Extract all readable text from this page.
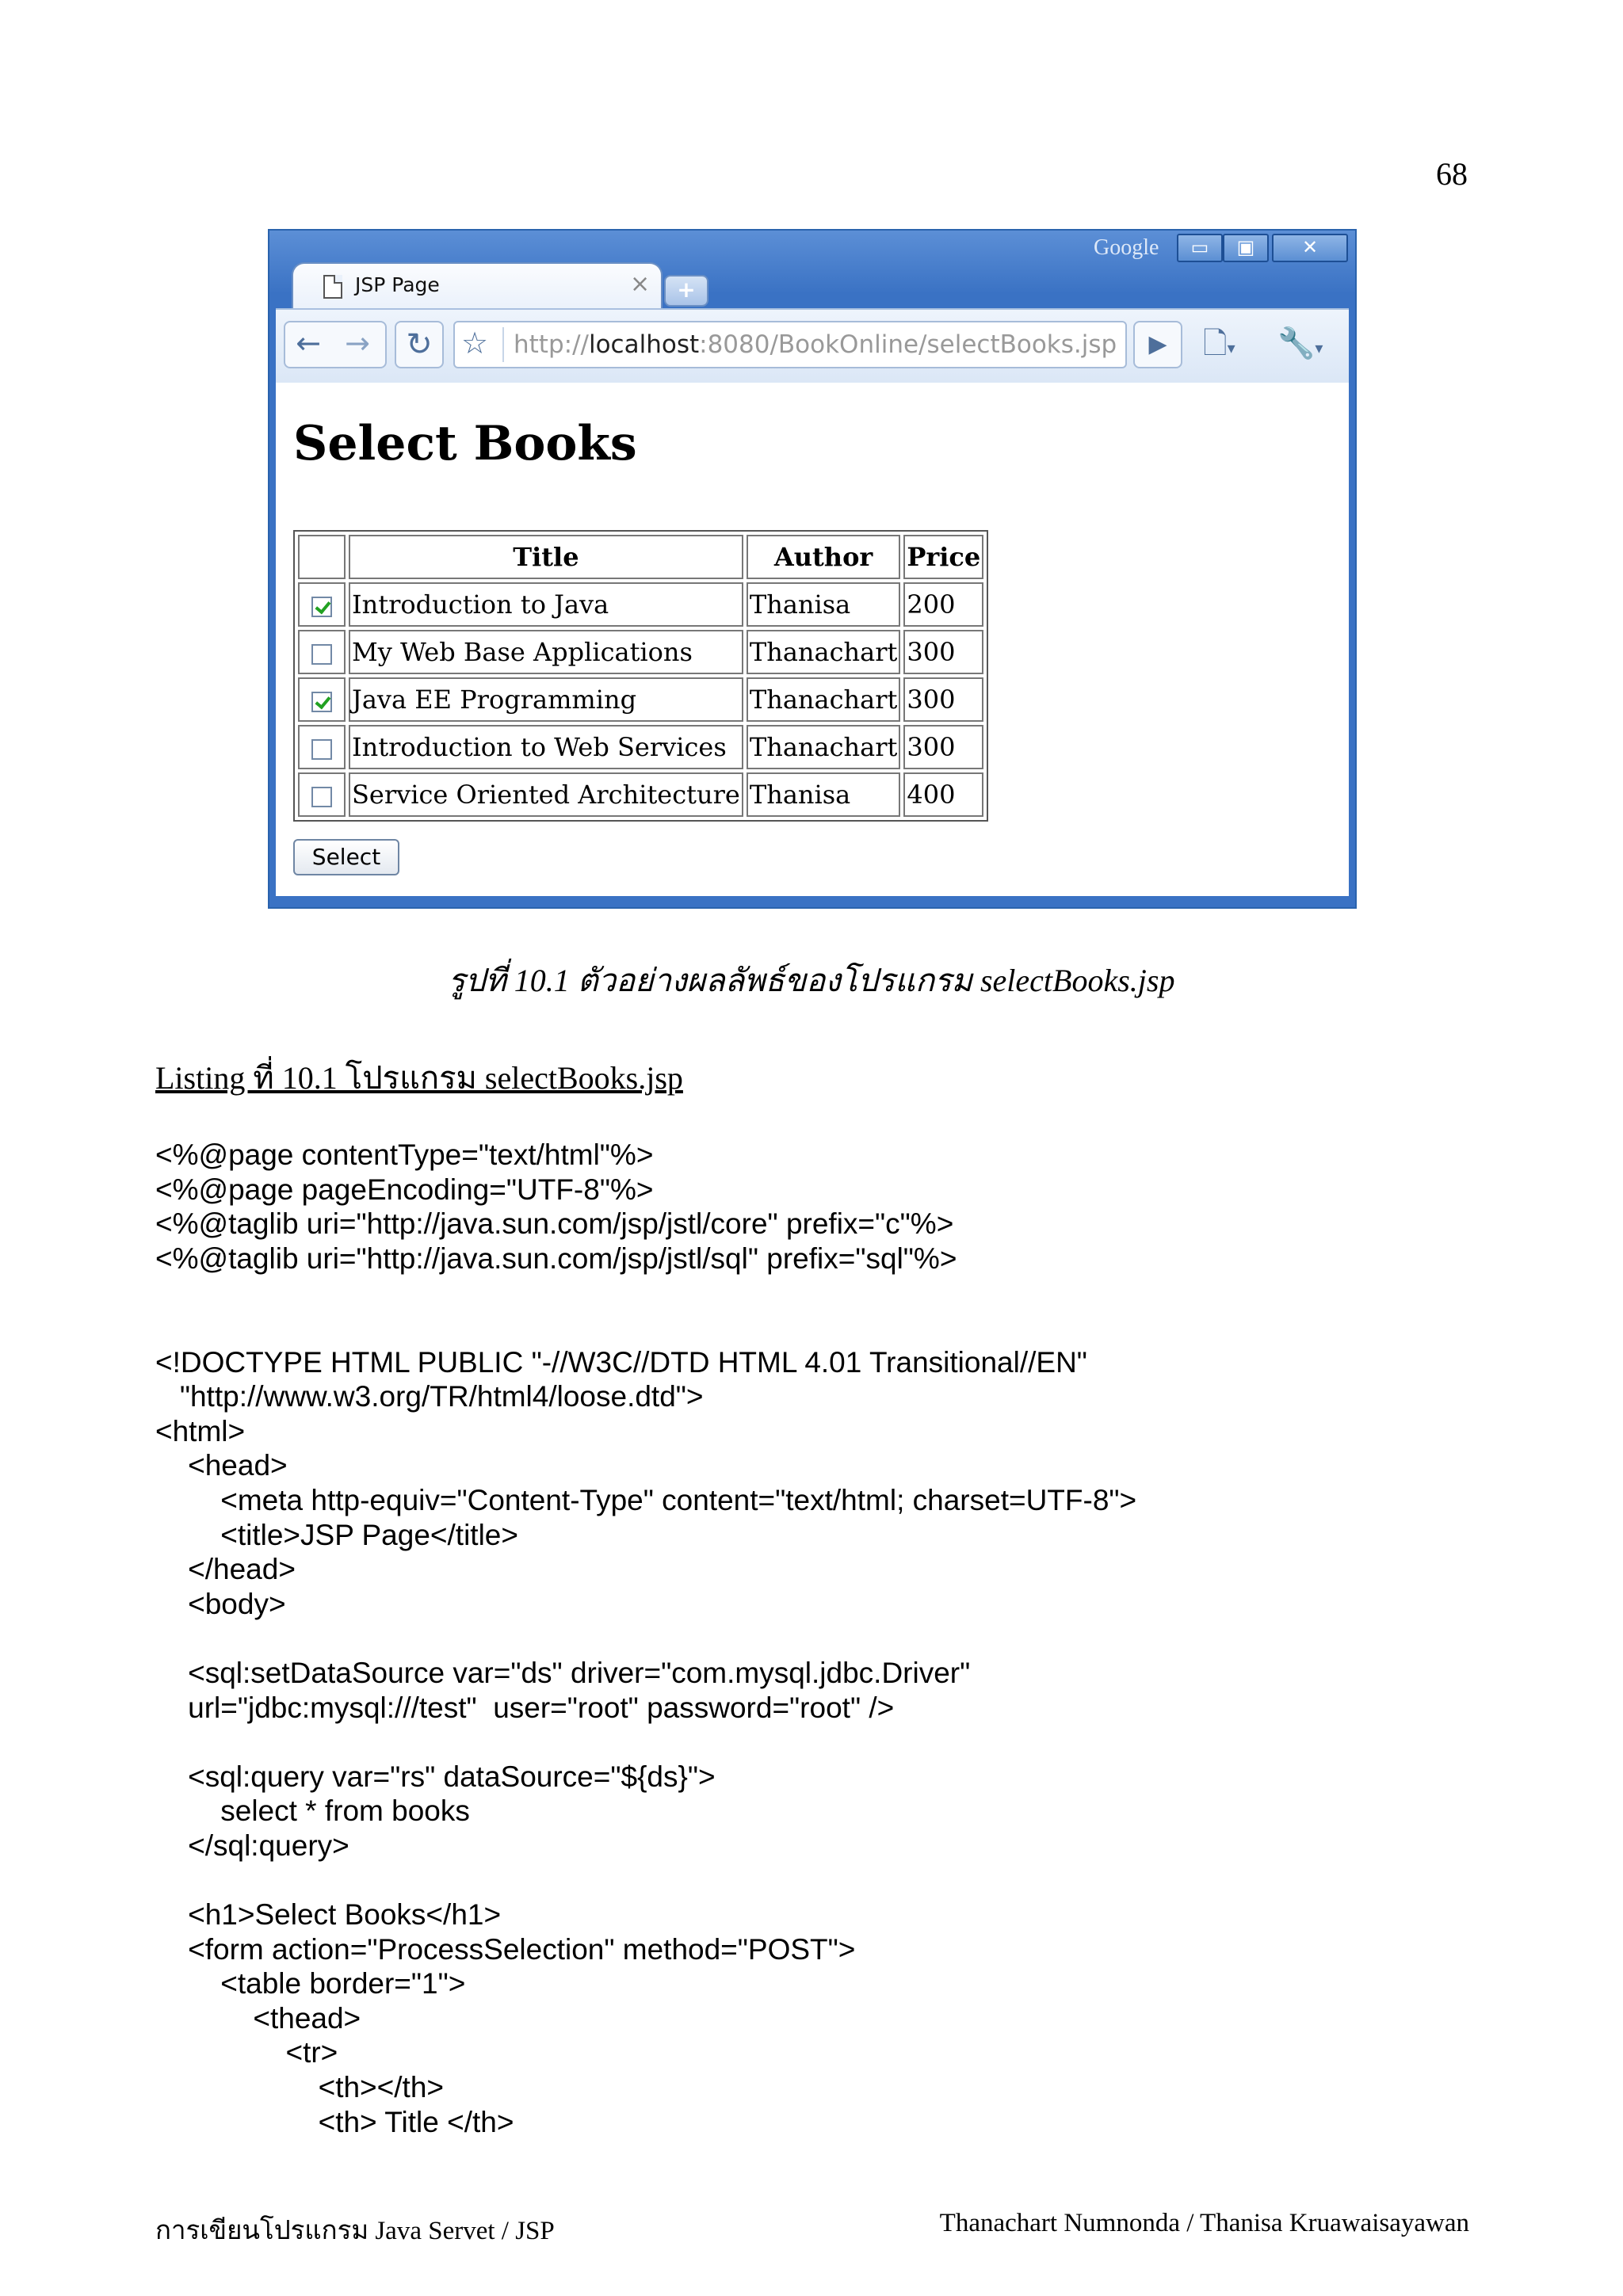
68
Google	▭	▣	✕
JSP Page	×	+
← →	↻ ☆ http://localhost:8080/BookOnline/selectBooks.jsp	▶	🗋▾	🔧▾
Select Books
	Title	Author	Price
	Introduction to Java	Thanisa	200
	My Web Base Applications	Thanachart	300
	Java EE Programming	Thanachart	300
	Introduction to Web Services	Thanachart	300
	Service Oriented Architecture	Thanisa	400
Select
รูปที่ 10.1 ตัวอย่างผลลัพธ์ของโปรแกรม selectBooks.jsp
Listing ที่ 10.1 โปรแกรม selectBooks.jsp
<%@page contentType="text/html"%>
<%@page pageEncoding="UTF-8"%>
<%@taglib uri="http://java.sun.com/jsp/jstl/core" prefix="c"%>
<%@taglib uri="http://java.sun.com/jsp/jstl/sql" prefix="sql"%>
<!DOCTYPE HTML PUBLIC "-//W3C//DTD HTML 4.01 Transitional//EN"
"http://www.w3.org/TR/html4/loose.dtd">
<html>
<head>
<meta http-equiv="Content-Type" content="text/html; charset=UTF-8">
<title>JSP Page</title>
</head>
<body>
<sql:setDataSource var="ds" driver="com.mysql.jdbc.Driver"
url="jdbc:mysql:///test"  user="root" password="root" />
<sql:query var="rs" dataSource="${ds}">
select * from books
</sql:query>
<h1>Select Books</h1>
<form action="ProcessSelection" method="POST">
<table border="1">
<thead>
<tr>
<th></th>
<th> Title </th>
การเขียนโปรแกรม Java Servet / JSP	Thanachart Numnonda / Thanisa Kruawaisayawan
